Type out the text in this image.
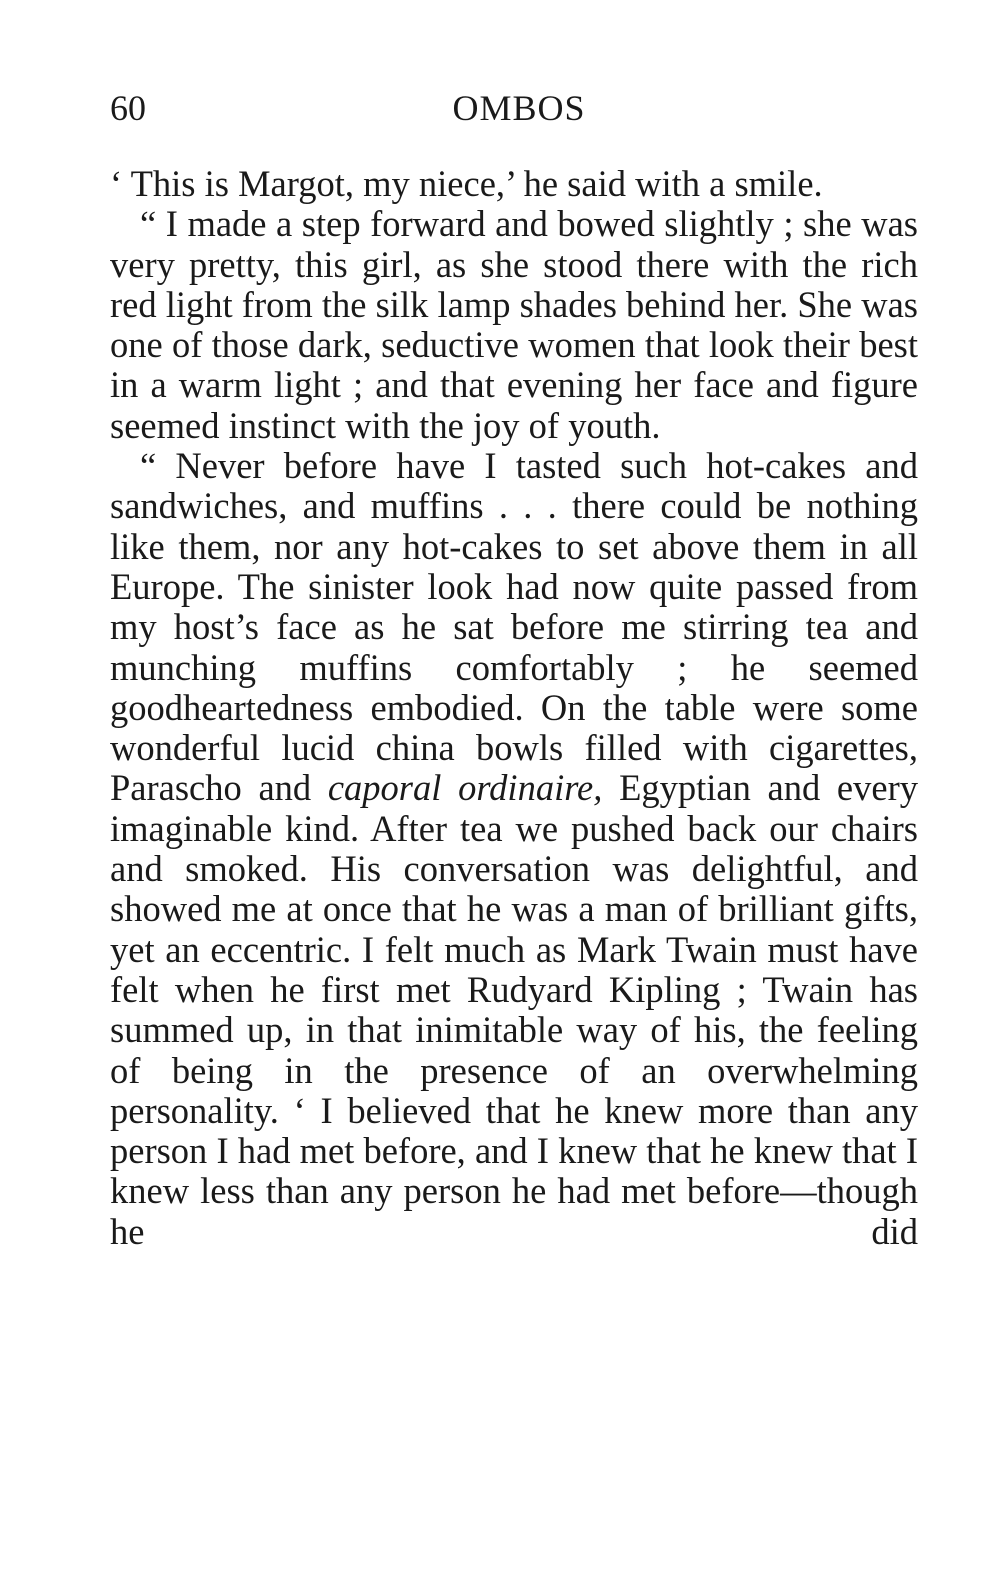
60	OMBOS

‘ This is Margot, my niece,’ he said with a smile.

“ I made a step forward and bowed slightly ; she was very pretty, this girl, as she stood there with the rich red light from the silk lamp shades behind her. She was one of those dark, seductive women that look their best in a warm light ; and that evening her face and figure seemed instinct with the joy of youth.

“ Never before have I tasted such hot-cakes and sandwiches, and muffins . . . there could be nothing like them, nor any hot-cakes to set above them in all Europe. The sinister look had now quite passed from my host’s face as he sat before me stirring tea and munching muffins comfortably ; he seemed goodheartedness embodied. On the table were some wonderful lucid china bowls filled with cigarettes, Parascho and caporal ordinaire, Egyptian and every imaginable kind. After tea we pushed back our chairs and smoked. His conversation was delightful, and showed me at once that he was a man of brilliant gifts, yet an eccentric. I felt much as Mark Twain must have felt when he first met Rudyard Kipling ; Twain has summed up, in that inimitable way of his, the feeling of being in the presence of an overwhelming personality. ‘ I believed that he knew more than any person I had met before, and I knew that he knew that I knew less than any person he had met before—though he did
